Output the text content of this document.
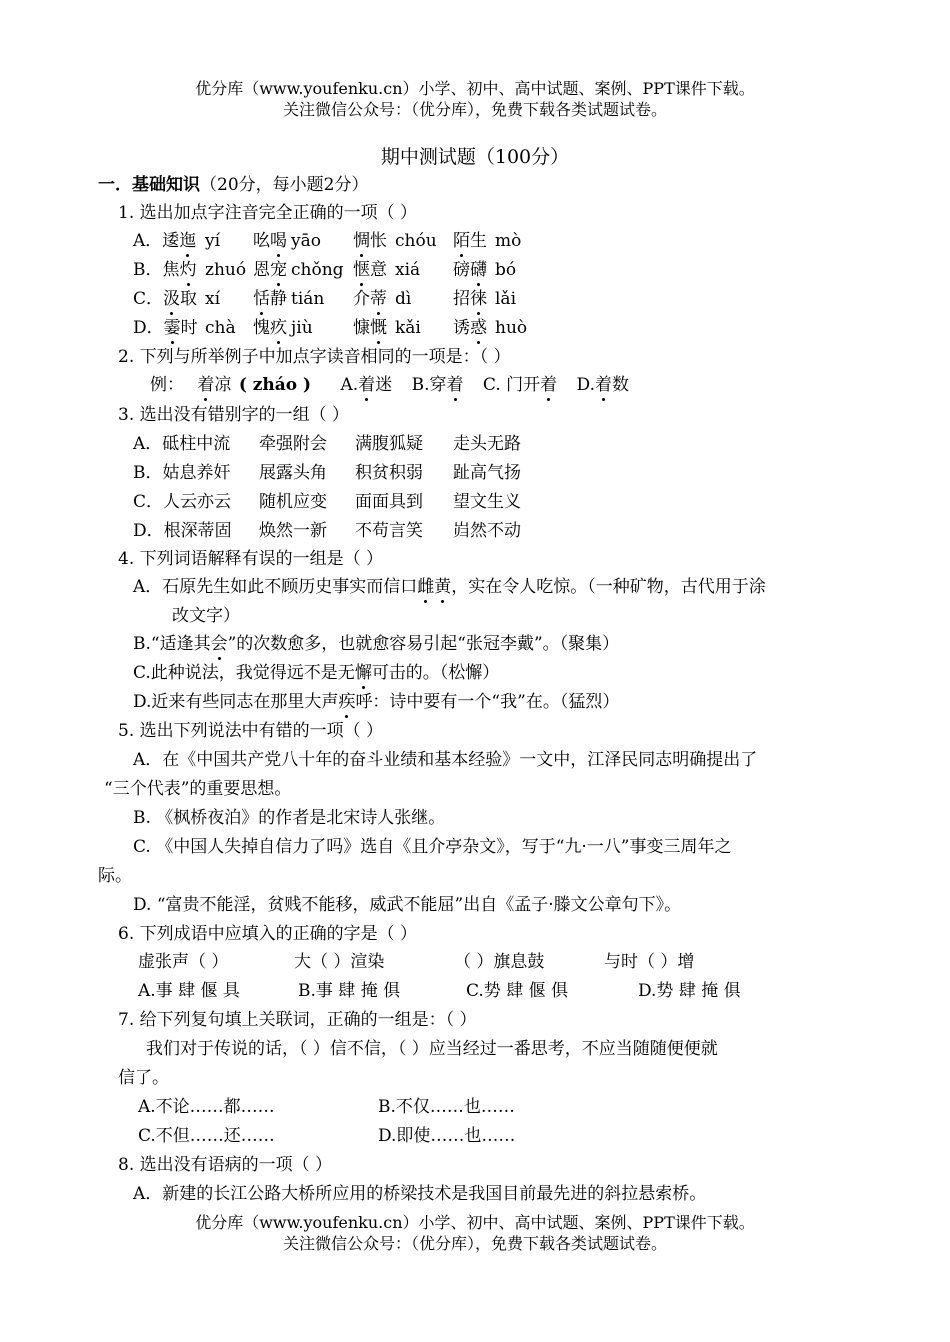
优分库（www.youfenku.cn）小学、初中、高中试题、案例、PPT课件下载。
关注微信公众号：（优分库），免费下载各类试题试卷。
期中测试题（100分）
一．基础知识（20分，每小题2分）
1. 选出加点字注音完全正确的一项（ ）
A．逶迤 yí 吆喝 yāo 惆怅 chóu 陌生 mò
B．焦灼 zhuó 恩宠 chǒng 惬意 xiá 磅礴 bó
C．汲取 xí 恬静 tián 介蒂 dì 招徕 lǎi
D．霎时 chà 愧疚 jiù 慷慨 kǎi 诱惑 huò
2. 下列与所举例子中加点字读音相同的一项是：（ ）
例： 着凉 ( zháo ) A.着迷 B.穿着 C. 门开着 D.着数
3. 选出没有错别字的一组（ ）
A．砥柱中流 牵强附会 满腹狐疑 走头无路
B．姑息养奸 展露头角 积贫积弱 趾高气扬
C．人云亦云 随机应变 面面具到 望文生义
D．根深蒂固 焕然一新 不苟言笑 岿然不动
4. 下列词语解释有误的一组是（ ）
A．石原先生如此不顾历史事实而信口雌黄，实在令人吃惊。（一种矿物，古代用于涂
改文字）
B.“适逢其会”的次数愈多，也就愈容易引起“张冠李戴”。（聚集）
C.此种说法，我觉得远不是无懈可击的。（松懈）
D.近来有些同志在那里大声疾呼：诗中要有一个“我”在。（猛烈）
5. 选出下列说法中有错的一项（ ）
A．在《中国共产党八十年的奋斗业绩和基本经验》一文中，江泽民同志明确提出了
“三个代表”的重要思想。
B. 《枫桥夜泊》的作者是北宋诗人张继。
C. 《中国人失掉自信力了吗》选自《且介亭杂文》，写于“九·一八”事变三周年之
际。
D. “富贵不能淫，贫贱不能移，威武不能屈”出自《孟子·滕文公章句下》。
6. 下列成语中应填入的正确的字是（ ）
虚张声（ ）	大（ ）渲染	（ ）旗息鼓	与时（ ）增
A.事 肆 偃 具	B.事 肆 掩 俱	C.势 肆 偃 俱	D.势 肆 掩 俱
7. 给下列复句填上关联词，正确的一组是：（ ）
我们对于传说的话，（ ）信不信，（ ）应当经过一番思考，不应当随随便便就
信了。
A.不论……都……	B.不仅……也……
C.不但……还……	D.即使……也……
8. 选出没有语病的一项（ ）
A．新建的长江公路大桥所应用的桥梁技术是我国目前最先进的斜拉悬索桥。
优分库（www.youfenku.cn）小学、初中、高中试题、案例、PPT课件下载。
关注微信公众号：（优分库），免费下载各类试题试卷。
